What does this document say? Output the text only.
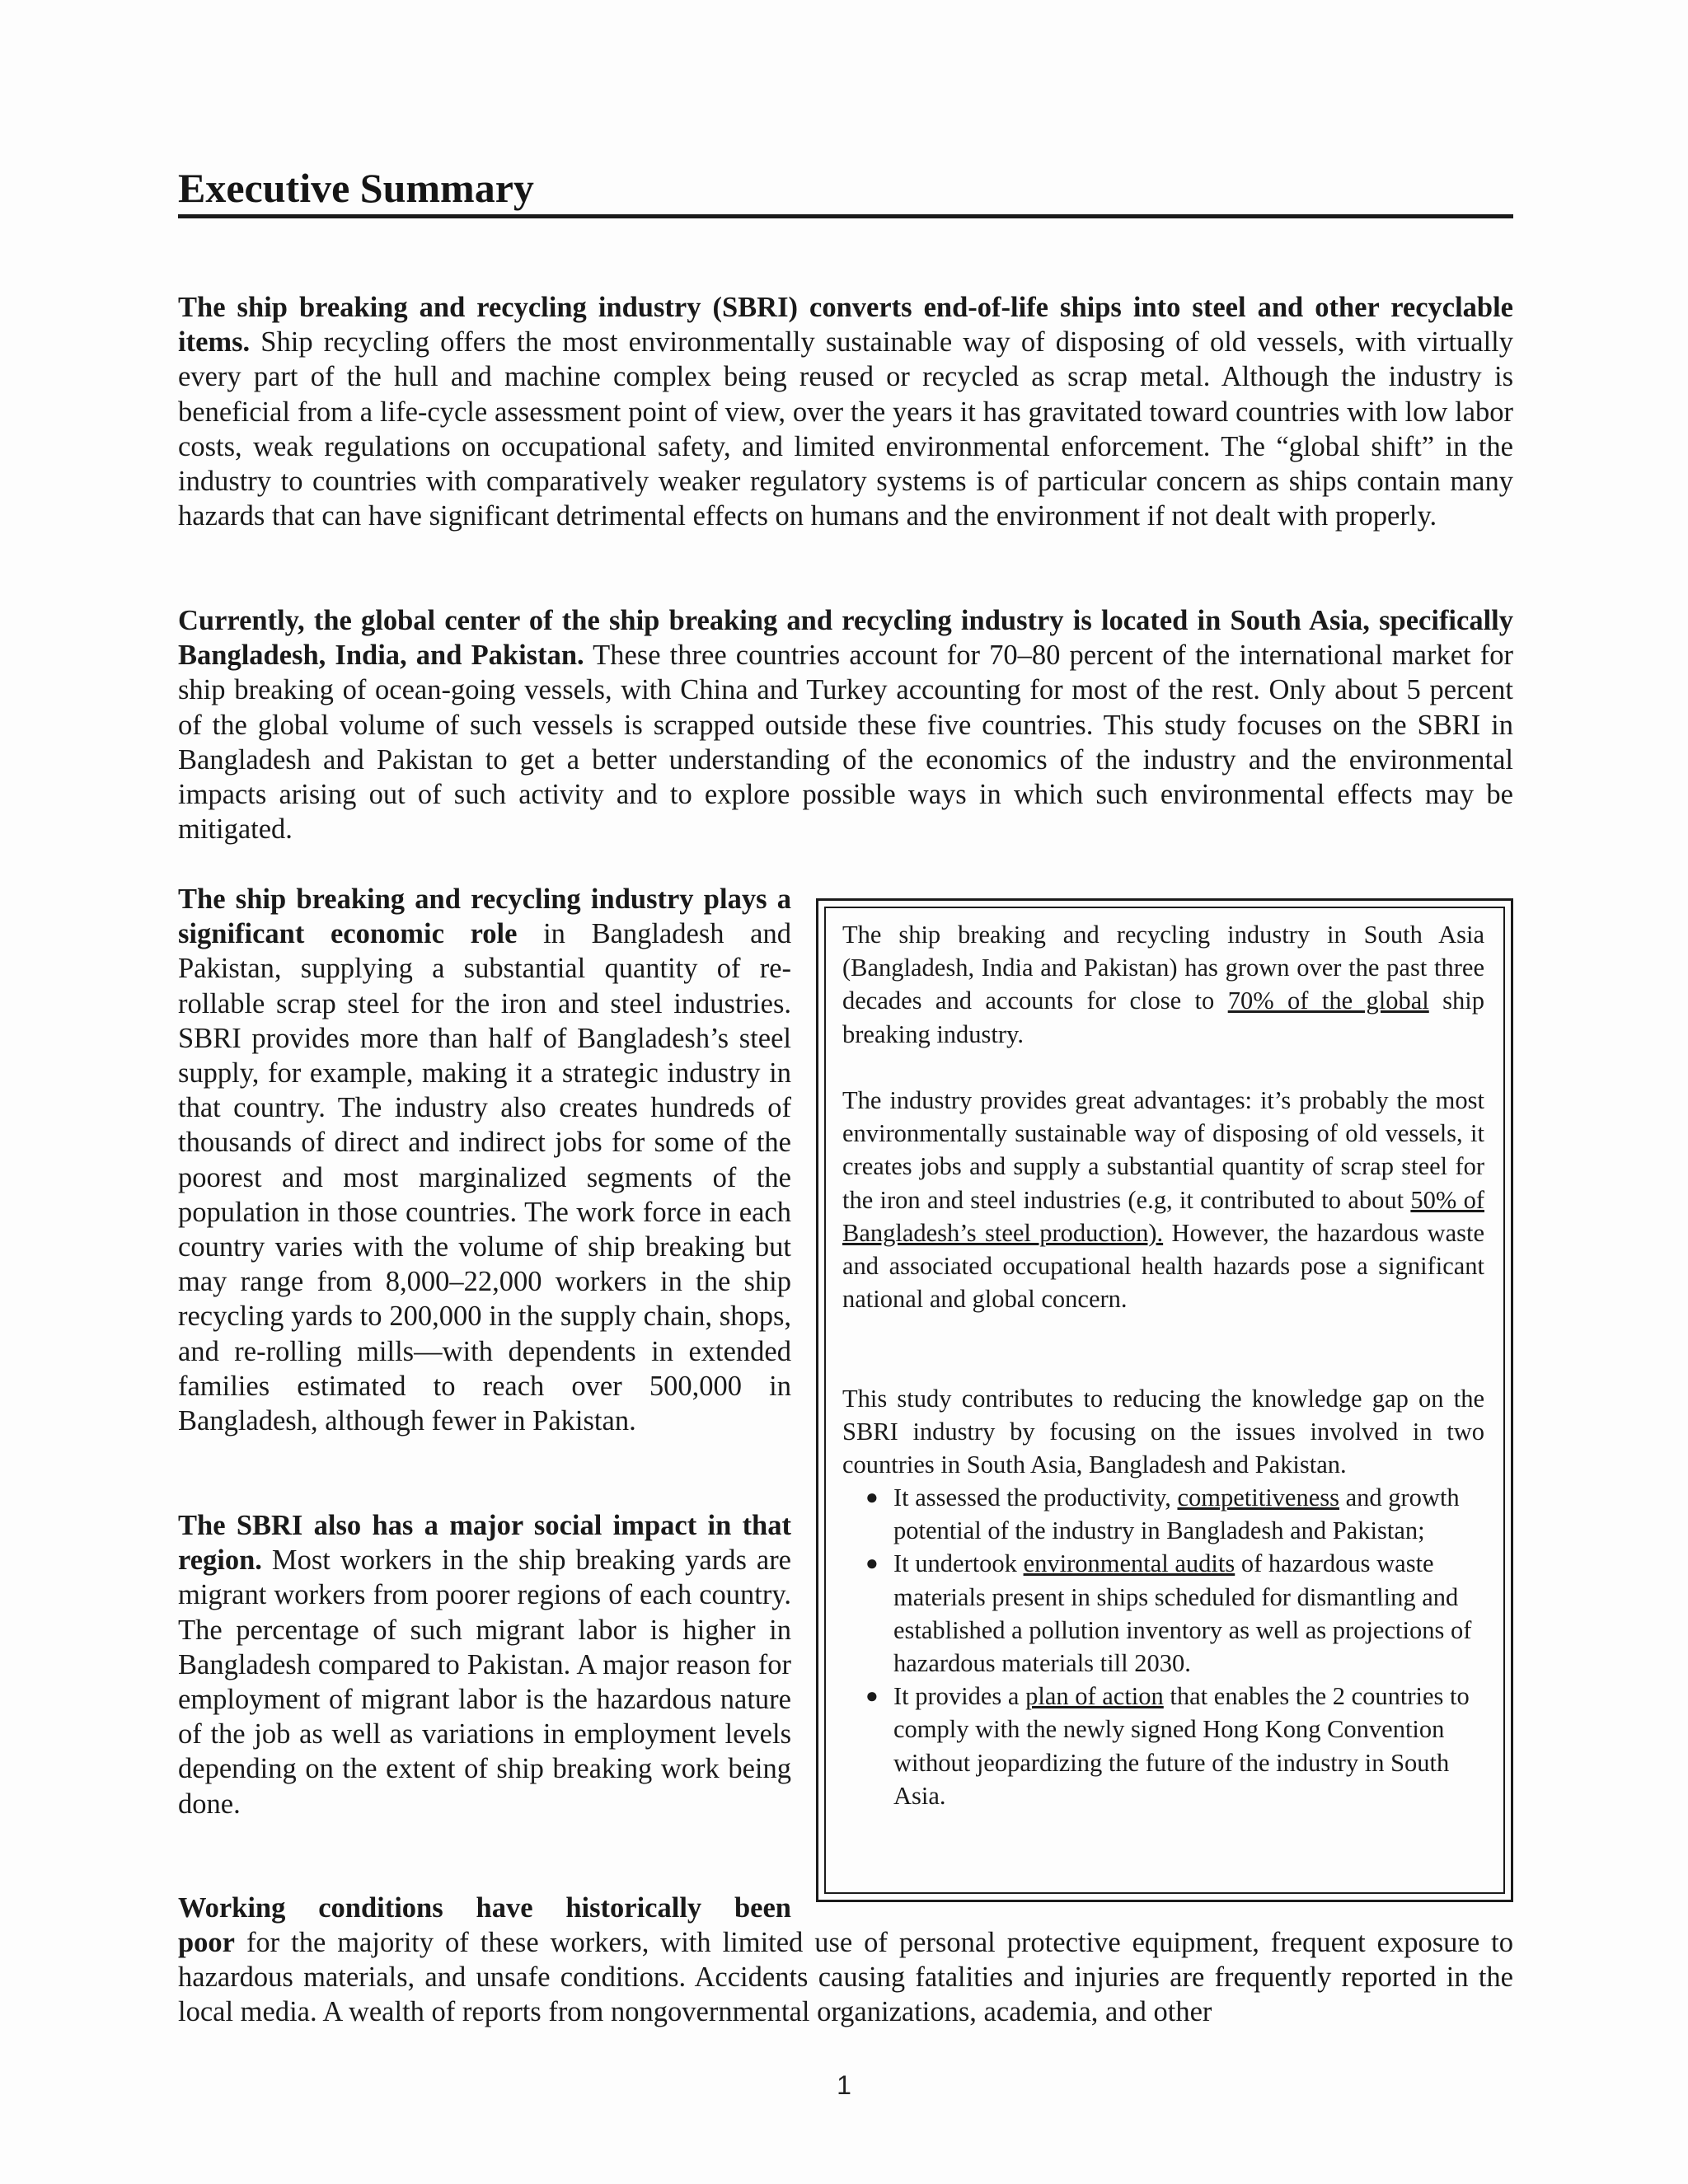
Executive Summary

The ship breaking and recycling industry (SBRI) converts end-of-life ships into steel and other recyclable items. Ship recycling offers the most environmentally sustainable way of disposing of old vessels, with virtually every part of the hull and machine complex being reused or recycled as scrap metal. Although the industry is beneficial from a life-cycle assessment point of view, over the years it has gravitated toward countries with low labor costs, weak regulations on occupational safety, and limited environmental enforcement. The “global shift” in the industry to countries with comparatively weaker regulatory systems is of particular concern as ships contain many hazards that can have significant detrimental effects on humans and the environment if not dealt with properly.

Currently, the global center of the ship breaking and recycling industry is located in South Asia, specifically Bangladesh, India, and Pakistan. These three countries account for 70–80 percent of the international market for ship breaking of ocean-going vessels, with China and Turkey accounting for most of the rest. Only about 5 percent of the global volume of such vessels is scrapped outside these five countries. This study focuses on the SBRI in Bangladesh and Pakistan to get a better understanding of the economics of the industry and the environmental impacts arising out of such activity and to explore possible ways in which such environmental effects may be mitigated.

The ship breaking and recycling industry plays a significant economic role in Bangladesh and Pakistan, supplying a substantial quantity of re-rollable scrap steel for the iron and steel industries. SBRI provides more than half of Bangladesh’s steel supply, for example, making it a strategic industry in that country. The industry also creates hundreds of thousands of direct and indirect jobs for some of the poorest and most marginalized segments of the population in those countries. The work force in each country varies with the volume of ship breaking but may range from 8,000–22,000 workers in the ship recycling yards to 200,000 in the supply chain, shops, and re-rolling mills—with dependents in extended families estimated to reach over 500,000 in Bangladesh, although fewer in Pakistan.

The SBRI also has a major social impact in that region. Most workers in the ship breaking yards are migrant workers from poorer regions of each country. The percentage of such migrant labor is higher in Bangladesh compared to Pakistan. A major reason for employment of migrant labor is the hazardous nature of the job as well as variations in employment levels depending on the extent of ship breaking work being done.

Working conditions have historically been

poor for the majority of these workers, with limited use of personal protective equipment, frequent exposure to hazardous materials, and unsafe conditions. Accidents causing fatalities and injuries are frequently reported in the local media. A wealth of reports from nongovernmental organizations, academia, and other

The ship breaking and recycling industry in South Asia (Bangladesh, India and Pakistan) has grown over the past three decades and accounts for close to 70% of the global ship breaking industry.

The industry provides great advantages: it’s probably the most environmentally sustainable way of disposing of old vessels, it creates jobs and supply a substantial quantity of scrap steel for the iron and steel industries (e.g, it contributed to about 50% of Bangladesh’s steel production). However, the hazardous waste and associated occupational health hazards pose a significant national and global concern.

This study contributes to reducing the knowledge gap on the SBRI industry by focusing on the issues involved in two countries in South Asia, Bangladesh and Pakistan.

● It assessed the productivity, competitiveness and growth potential of the industry in Bangladesh and Pakistan;
● It undertook environmental audits of hazardous waste materials present in ships scheduled for dismantling and established a pollution inventory as well as projections of hazardous materials till 2030.
● It provides a plan of action that enables the 2 countries to comply with the newly signed Hong Kong Convention without jeopardizing the future of the industry in South Asia.
1
